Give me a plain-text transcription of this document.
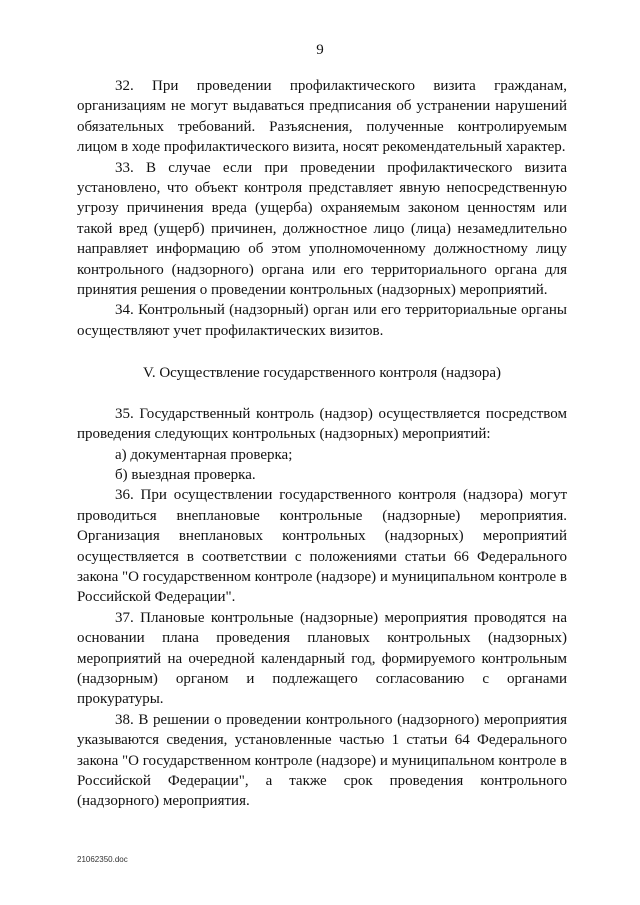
9

32. При проведении профилактического визита гражданам, организациям не могут выдаваться предписания об устранении нарушений обязательных требований. Разъяснения, полученные контролируемым лицом в ходе профилактического визита, носят рекомендательный характер.

33. В случае если при проведении профилактического визита установлено, что объект контроля представляет явную непосредственную угрозу причинения вреда (ущерба) охраняемым законом ценностям или такой вред (ущерб) причинен, должностное лицо (лица) незамедлительно направляет информацию об этом уполномоченному должностному лицу контрольного (надзорного) органа или его территориального органа для принятия решения о проведении контрольных (надзорных) мероприятий.

34. Контрольный (надзорный) орган или его территориальные органы осуществляют учет профилактических визитов.

V. Осуществление государственного контроля (надзора)

35. Государственный контроль (надзор) осуществляется посредством проведения следующих контрольных (надзорных) мероприятий:

а) документарная проверка;

б) выездная проверка.

36. При осуществлении государственного контроля (надзора) могут проводиться внеплановые контрольные (надзорные) мероприятия. Организация внеплановых контрольных (надзорных) мероприятий осуществляется в соответствии с положениями статьи 66 Федерального закона "О государственном контроле (надзоре) и муниципальном контроле в Российской Федерации".

37. Плановые контрольные (надзорные) мероприятия проводятся на основании плана проведения плановых контрольных (надзорных) мероприятий на очередной календарный год, формируемого контрольным (надзорным) органом и подлежащего согласованию с органами прокуратуры.

38. В решении о проведении контрольного (надзорного) мероприятия указываются сведения, установленные частью 1 статьи 64 Федерального закона "О государственном контроле (надзоре) и муниципальном контроле в Российской Федерации", а также срок проведения контрольного (надзорного) мероприятия.

21062350.doc
